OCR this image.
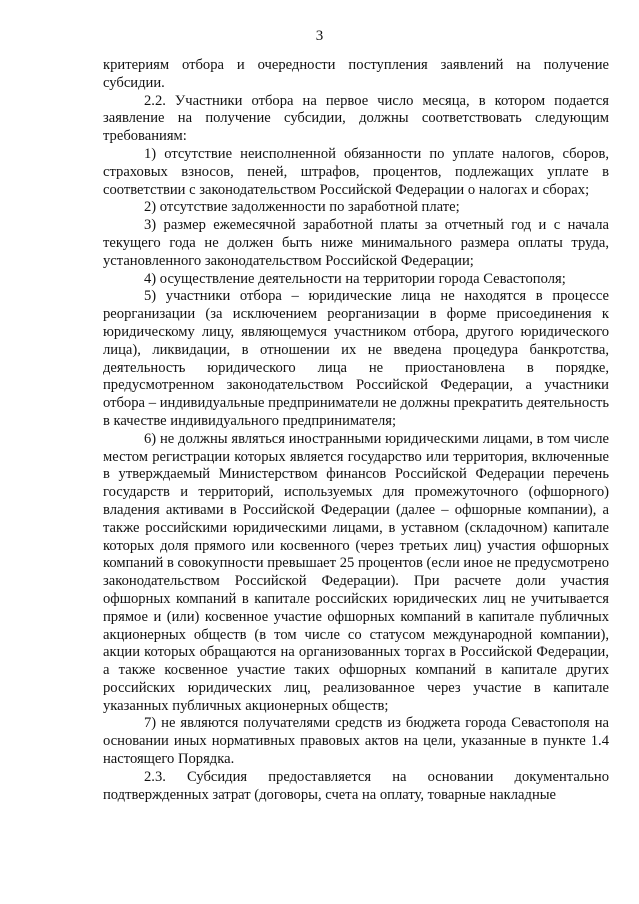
3

критериям отбора и очередности поступления заявлений на получение субсидии.

2.2. Участники отбора на первое число месяца, в котором подается заявление на получение субсидии, должны соответствовать следующим требованиям:

1) отсутствие неисполненной обязанности по уплате налогов, сборов, страховых взносов, пеней, штрафов, процентов, подлежащих уплате в соответствии с законодательством Российской Федерации о налогах и сборах;

2) отсутствие задолженности по заработной плате;

3) размер ежемесячной заработной платы за отчетный год и с начала текущего года не должен быть ниже минимального размера оплаты труда, установленного законодательством Российской Федерации;

4) осуществление деятельности на территории города Севастополя;

5) участники отбора – юридические лица не находятся в процессе реорганизации (за исключением реорганизации в форме присоединения к юридическому лицу, являющемуся участником отбора, другого юридического лица), ликвидации, в отношении их не введена процедура банкротства, деятельность юридического лица не приостановлена в порядке, предусмотренном законодательством Российской Федерации, а участники отбора – индивидуальные предприниматели не должны прекратить деятельность в качестве индивидуального предпринимателя;

6) не должны являться иностранными юридическими лицами, в том числе местом регистрации которых является государство или территория, включенные в утверждаемый Министерством финансов Российской Федерации перечень государств и территорий, используемых для промежуточного (офшорного) владения активами в Российской Федерации (далее – офшорные компании), а также российскими юридическими лицами, в уставном (складочном) капитале которых доля прямого или косвенного (через третьих лиц) участия офшорных компаний в совокупности превышает 25 процентов (если иное не предусмотрено законодательством Российской Федерации). При расчете доли участия офшорных компаний в капитале российских юридических лиц не учитывается прямое и (или) косвенное участие офшорных компаний в капитале публичных акционерных обществ (в том числе со статусом международной компании), акции которых обращаются на организованных торгах в Российской Федерации, а также косвенное участие таких офшорных компаний в капитале других российских юридических лиц, реализованное через участие в капитале указанных публичных акционерных обществ;

7) не являются получателями средств из бюджета города Севастополя на основании иных нормативных правовых актов на цели, указанные в пункте 1.4 настоящего Порядка.

2.3. Субсидия предоставляется на основании документально подтвержденных затрат (договоры, счета на оплату, товарные накладные
